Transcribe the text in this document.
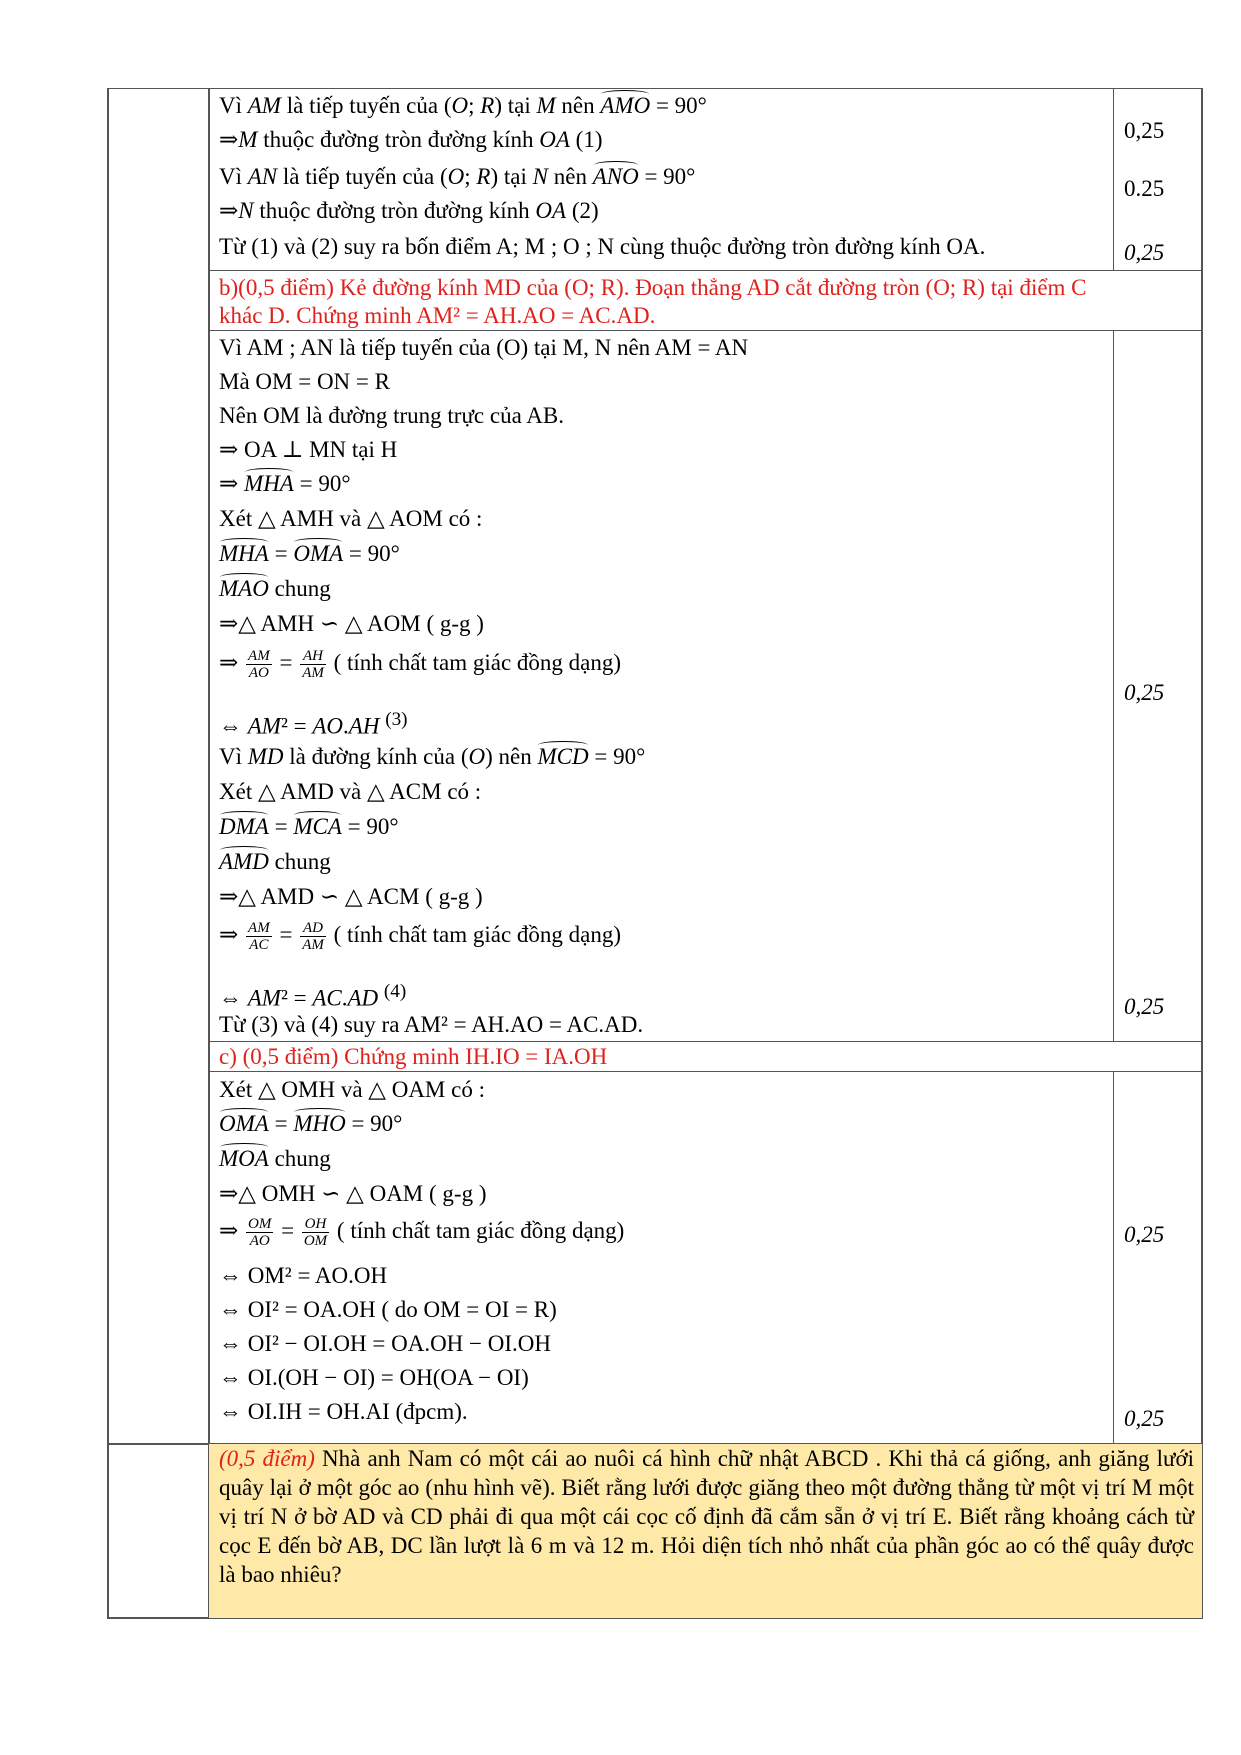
Vì AM là tiếp tuyến của (O; R) tại M nên AMO = 90°
⇒M thuộc đường tròn đường kính OA (1)
Vì AN là tiếp tuyến của (O; R) tại N nên ANO = 90°
⇒N thuộc đường tròn đường kính OA (2)
Từ (1) và (2) suy ra bốn điểm A; M ; O ; N cùng thuộc đường tròn đường kính OA.
0,25
0.25
0,25
b)(0,5 điểm) Kẻ đường kính MD của (O; R). Đoạn thẳng AD cắt đường tròn (O; R) tại điểm C
khác D. Chứng minh AM² = AH.AO = AC.AD.
Vì AM ; AN là tiếp tuyến của (O) tại M, N nên AM = AN
Mà OM = ON = R
Nên OM là đường trung trực của AB.
⇒ OA ⊥ MN tại H
⇒ MHA = 90°
Xét △ AMH và △ AOM có :
MHA = OMA = 90°
MAO chung
⇒△ AMH ∽ △ AOM ( g-g )
⇒ $\frac{AM}{AO} = \frac{AH}{AM}$ ( tính chất tam giác đồng dạng)
⇔ AM² = AO.AH $^{(3)}$
Vì MD là đường kính của (O) nên MCD = 90°
Xét △ AMD và △ ACM có :
DMA = MCA = 90°
AMD chung
⇒△ AMD ∽ △ ACM ( g-g )
⇒ $\frac{AM}{AC} = \frac{AD}{AM}$ ( tính chất tam giác đồng dạng)
⇔ AM² = AC.AD $^{(4)}$
Từ (3) và (4) suy ra AM² = AH.AO = AC.AD.
0,25
0,25
c) (0,5 điểm) Chứng minh IH.IO = IA.OH
Xét △ OMH và △ OAM có :
OMA = MHO = 90°
MOA chung
⇒△ OMH ∽ △ OAM ( g-g )
⇒ $\frac{OM}{AO} = \frac{OH}{OM}$ ( tính chất tam giác đồng dạng)
⇔ OM² = AO.OH
⇔ OI² = OA.OH ( do OM = OI = R)
⇔ OI² − OI.OH = OA.OH − OI.OH
⇔ OI.(OH − OI) = OH(OA − OI)
⇔ OI.IH = OH.AI (đpcm).
0,25
0,25
(0,5 điểm) Nhà anh Nam có một cái ao nuôi cá hình chữ nhật ABCD . Khi thả cá giống, anh giăng lưới quây lại ở một góc ao (nhu hình vẽ). Biết rằng lưới được giăng theo một đường thẳng từ một vị trí M một vị trí N ở bờ AD và CD phải đi qua một cái cọc cố định đã cắm sẵn ở vị trí E. Biết rằng khoảng cách từ cọc E đến bờ AB, DC lần lượt là 6 m và 12 m. Hỏi diện tích nhỏ nhất của phần góc ao có thể quây được là bao nhiêu?
